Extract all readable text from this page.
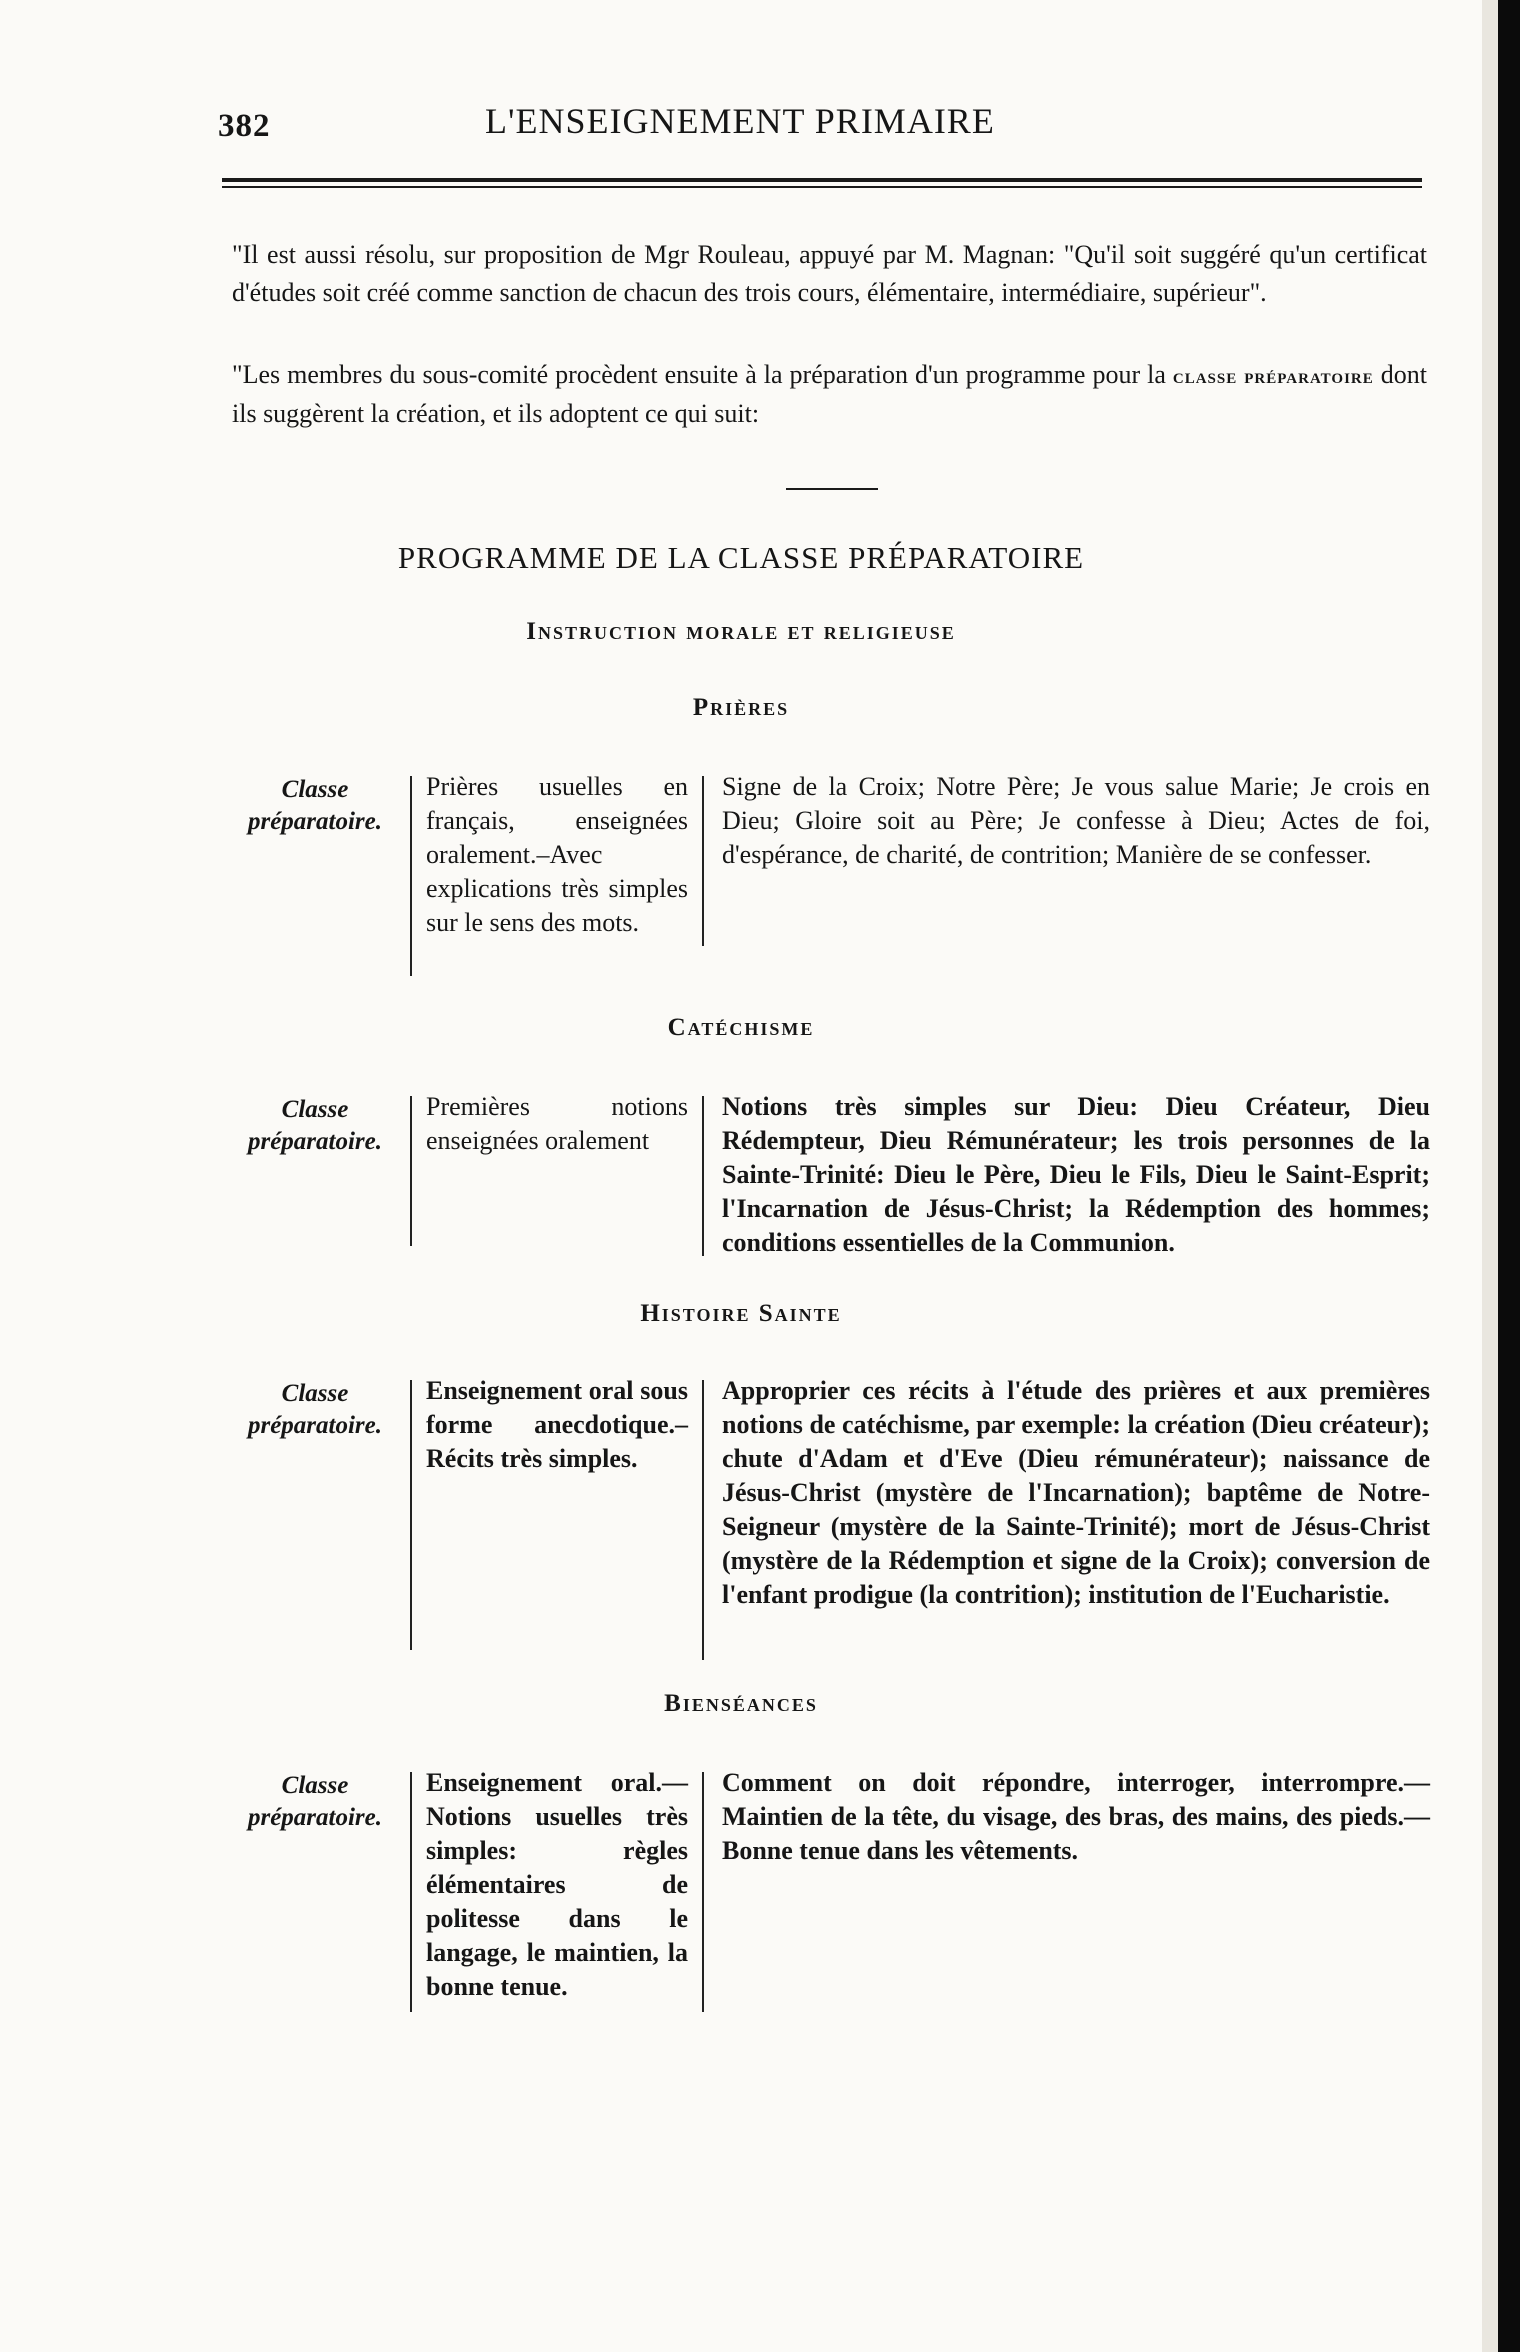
382	L'ENSEIGNEMENT PRIMAIRE
"Il est aussi résolu, sur proposition de Mgr Rouleau, appuyé par M. Magnan: "Qu'il soit suggéré qu'un certificat d'études soit créé comme sanction de chacun des trois cours, élémentaire, intermédiaire, supérieur".
"Les membres du sous-comité procèdent ensuite à la préparation d'un programme pour la classe préparatoire dont ils suggèrent la création, et ils adoptent ce qui suit:
PROGRAMME DE LA CLASSE PRÉPARATOIRE
Instruction morale et religieuse
Prières
Classe préparatoire.
Prières usuelles en français, enseignées oralement.–Avec explications très simples sur le sens des mots.
Signe de la Croix; Notre Père; Je vous salue Marie; Je crois en Dieu; Gloire soit au Père; Je confesse à Dieu; Actes de foi, d'espérance, de charité, de contrition; Manière de se confesser.
Catéchisme
Classe préparatoire.
Premières notions enseignées oralement
Notions très simples sur Dieu: Dieu Créateur, Dieu Rédempteur, Dieu Rémunérateur; les trois personnes de la Sainte-Trinité: Dieu le Père, Dieu le Fils, Dieu le Saint-Esprit; l'Incarnation de Jésus-Christ; la Rédemption des hommes; conditions essentielles de la Communion.
Histoire Sainte
Classe préparatoire.
Enseignement oral sous forme anecdotique.–Récits très simples.
Approprier ces récits à l'étude des prières et aux premières notions de catéchisme, par exemple: la création (Dieu créateur); chute d'Adam et d'Eve (Dieu rémunérateur); naissance de Jésus-Christ (mystère de l'Incarnation); baptême de Notre-Seigneur (mystère de la Sainte-Trinité); mort de Jésus-Christ (mystère de la Rédemption et signe de la Croix); conversion de l'enfant prodigue (la contrition); institution de l'Eucharistie.
Bienséances
Classe préparatoire.
Enseignement oral.—Notions usuelles très simples: règles élémentaires de politesse dans le langage, le maintien, la bonne tenue.
Comment on doit répondre, interroger, interrompre.—Maintien de la tête, du visage, des bras, des mains, des pieds.—Bonne tenue dans les vêtements.
